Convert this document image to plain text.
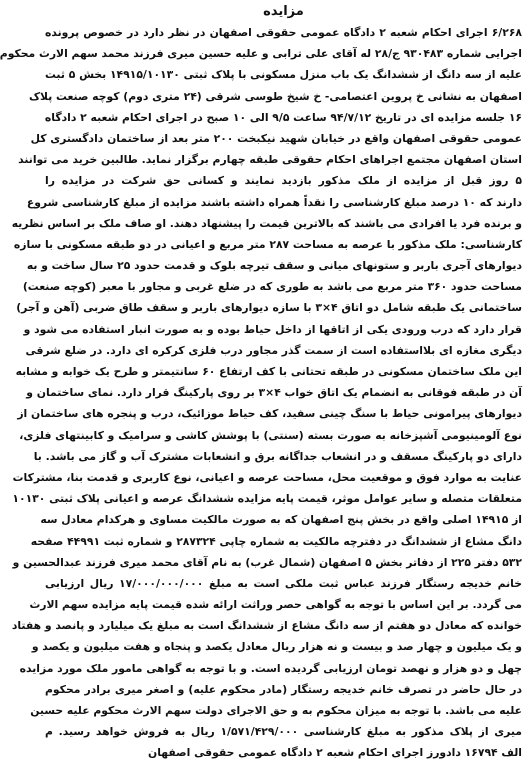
مزایده
۶/۲۶۸ اجرای احکام شعبه ۲ دادگاه عمومی حقوقی اصفهان در نظر دارد در خصوص پرونده
اجرایی شماره ۹۳۰۴۸۳ ج/۲۸ له آقای علی ترابی و علیه حسین میری فرزند محمد سهم الارث محکوم
علیه از سه دانگ از ششدانگ یک باب منزل مسکونی با پلاک ثبتی ۱۴۹۱۵/۱۰۱۳۰ بخش ۵ ثبت
اصفهان به نشانی خ پروین اعتصامی- خ شیخ طوسی شرقی (۲۴ متری دوم) کوچه صنعت پلاک
۱۶ جلسه مزایده ای در تاریخ ۹۴/۷/۱۲ ساعت ۹/۵ الی ۱۰ صبح در اجرای احکام شعبه ۲ دادگاه
عمومی حقوقی اصفهان واقع در خیابان شهید نیکبخت ۲۰۰ متر بعد از ساختمان دادگستری کل
استان اصفهان مجتمع اجراهای احکام حقوقی طبقه چهارم برگزار نماید. طالبین خرید می توانند
۵ روز قبل از مزایده از ملک مذکور بازدید نمایند و کسانی حق شرکت در مزایده را
دارند که ۱۰ درصد مبلغ کارشناسی را نقداً همراه داشته باشند مزایده از مبلغ کارشناسی شروع
و برنده فرد یا افرادی می باشند که بالاترین قیمت را پیشنهاد دهند. او صاف ملک بر اساس نظریه
کارشناسی: ملک مذکور با عرصه به مساحت ۲۸۷ متر مربع و اعیانی در دو طبقه مسکونی با سازه
دیوارهای آجری باربر و ستونهای میانی و سقف تیرچه بلوک و قدمت حدود ۲۵ سال ساخت و به
مساحت حدود ۳۶۰ متر مربع می باشد به طوری که در ضلع غربی و مجاور با معبر (کوچه صنعت)
ساختمانی یک طبقه شامل دو اتاق ۴×۳ با سازه دیوارهای باربر و سقف طاق ضربی (آهن و آجر)
قرار دارد که درب ورودی یکی از اتاقها از داخل حیاط بوده و به صورت انبار استفاده می شود و
دیگری مغازه ای بلااستفاده است از سمت گذر مجاور درب فلزی کرکره ای دارد. در ضلع شرقی
این ملک ساختمان مسکونی در طبقه تحتانی با کف ارتفاع ۶۰ سانتیمتر و طرح یک خوابه و مشابه
آن در طبقه فوقانی به انضمام یک اتاق خواب ۴×۳ بر روی پارکینگ قرار دارد. نمای ساختمان و
دیوارهای پیرامونی حیاط با سنگ چینی سفید، کف حیاط موزائیک، درب و پنجره های ساختمان از
نوع آلومینیومی آشپزخانه به صورت بسته (سنتی) با پوشش کاشی و سرامیک و کابینتهای فلزی،
دارای دو پارکینگ مسقف و در انشعاب جداگانه برق و انشعابات مشترک آب و گاز می باشد. با
عنایت به موارد فوق و موقعیت محل، مساحت عرصه و اعیانی، نوع کاربری و قدمت بنا، مشترکات
متعلقات متصله و سایر عوامل موثر، قیمت پایه مزایده ششدانگ عرصه و اعیانی پلاک ثبتی ۱۰۱۳۰
از ۱۴۹۱۵ اصلی واقع در بخش پنج اصفهان که به صورت مالکیت مساوی و هرکدام معادل سه
دانگ مشاع از ششدانگ در دفترچه مالکیت به شماره چاپی ۲۸۷۳۲۴ و شماره ثبت ۴۴۹۹۱ صفحه
۵۳۲ دفتر ۲۲۵ از دفاتر بخش ۵ اصفهان (شمال غرب) به نام آقای محمد میری فرزند عبدالحسین و
خانم خدیجه رستگار فرزند عباس ثبت ملکی است به مبلغ ۱۷/۰۰۰/۰۰۰/۰۰۰ ریال ارزیابی
می گردد. بر این اساس با توجه به گواهی حصر وراثت ارائه شده قیمت پایه مزایده سهم الارث
خوانده که معادل دو هفتم از سه دانگ مشاع از ششدانگ است به مبلغ یک میلیارد و پانصد و هفتاد
و یک میلیون و چهار صد و بیست و نه هزار ریال معادل یکصد و پنجاه و هفت میلیون و یکصد و
چهل و دو هزار و نهصد تومان ارزیابی گردیده است. و با توجه به گواهی مامور ملک مورد مزایده
در حال حاضر در تصرف خانم خدیجه رستگار (مادر محکوم علیه) و اصغر میری برادر محکوم
علیه می باشد. با توجه به میزان محکوم به و حق الاجرای دولت سهم الارث محکوم علیه حسین
میری از پلاک مذکور به مبلغ کارشناسی ۱/۵۷۱/۴۲۹/۰۰۰ ریال به فروش خواهد رسید. م
الف ۱۶۷۹۴ دادورز اجرای احکام شعبه ۲ دادگاه عمومی حقوقی اصفهان
